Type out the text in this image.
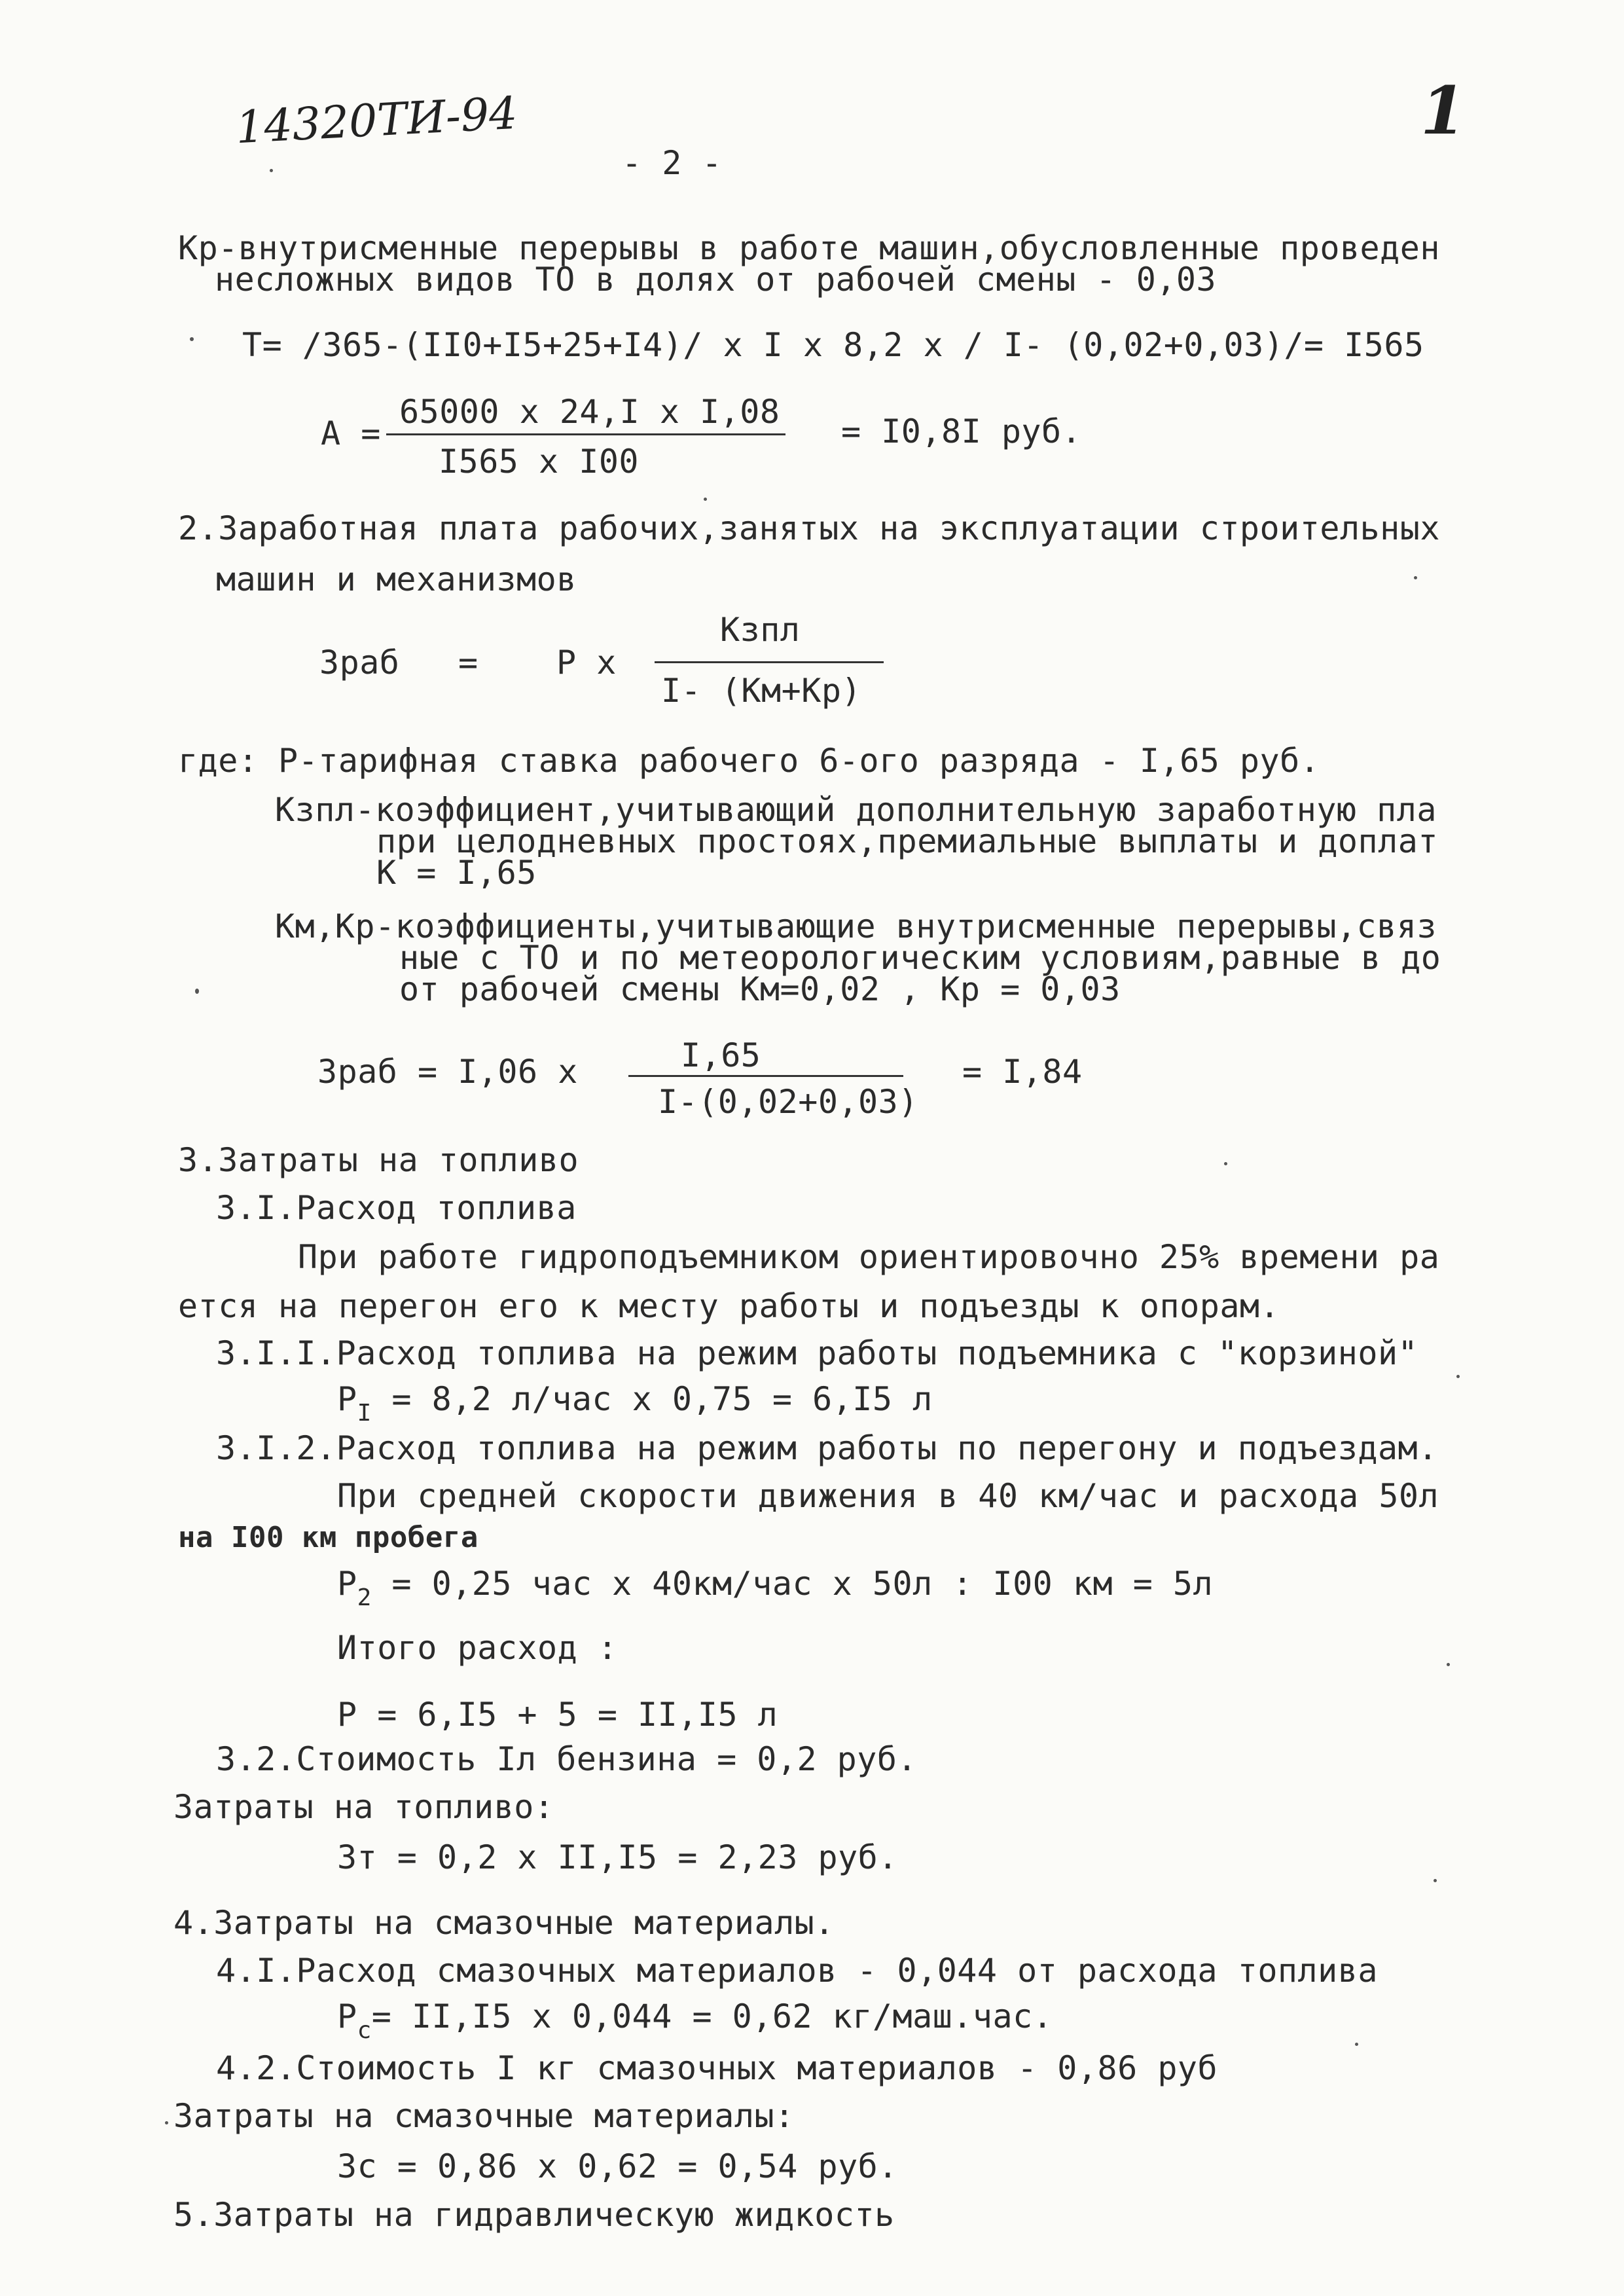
14320ТИ-94	1
- 2 -
Кр-внутрисменные перерывы в работе машин,обусловленные проведен
несложных видов ТО в долях от рабочей смены - 0,03
T= /365-(II0+I5+25+I4)/ x I x 8,2 x / I- (0,02+0,03)/= I565
A =
65000 x 24,I x I,08
I565 x I00
= I0,8I руб.
2.Заработная плата рабочих,занятых на эксплуатации строительных
машин и механизмов
Зраб = P x
Кзпл
I- (Км+Кр)
где: P-тарифная ставка рабочего 6-ого разряда - I,65 руб.
Кзпл-коэффициент,учитывающий дополнительную заработную пла
при целодневных простоях,премиальные выплаты и доплат
К = I,65
Км,Кр-коэффициенты,учитывающие внутрисменные перерывы,связ
ные с ТО и по метеорологическим условиям,равные в до
от рабочей смены Км=0,02 , Кр = 0,03
Зраб = I,06 x	I,65
I-(0,02+0,03)
= I,84
3.Затраты на топливо
3.I.Расход топлива
При работе гидроподъемником ориентировочно 25% времени ра
ется на перегон его к месту работы и подъезды к опорам.
3.I.I.Расход топлива на режим работы подъемника с "корзиной"
$P_I = 8,2$ л/час x 0,75 = 6,I5 л
3.I.2.Расход топлива на режим работы по перегону и подъездам.
При средней скорости движения в 40 км/час и расхода 50л
на I00 км пробега
$P_2 = 0,25$ час x 40км/час x 50л : I00 км = 5л
Итого расход :
P = 6,I5 + 5 = II,I5 л
3.2.Стоимость Iл бензина = 0,2 руб.
Затраты на топливо:
Зт = 0,2 x II,I5 = 2,23 руб.
4.Затраты на смазочные материалы.
4.I.Расход смазочных материалов - 0,044 от расхода топлива
$P_с= II,I5$ x 0,044 = 0,62 кг/маш.час.
4.2.Стоимость I кг смазочных материалов - 0,86 руб
Затраты на смазочные материалы:
Зс = 0,86 x 0,62 = 0,54 руб.
5.Затраты на гидравлическую жидкость
